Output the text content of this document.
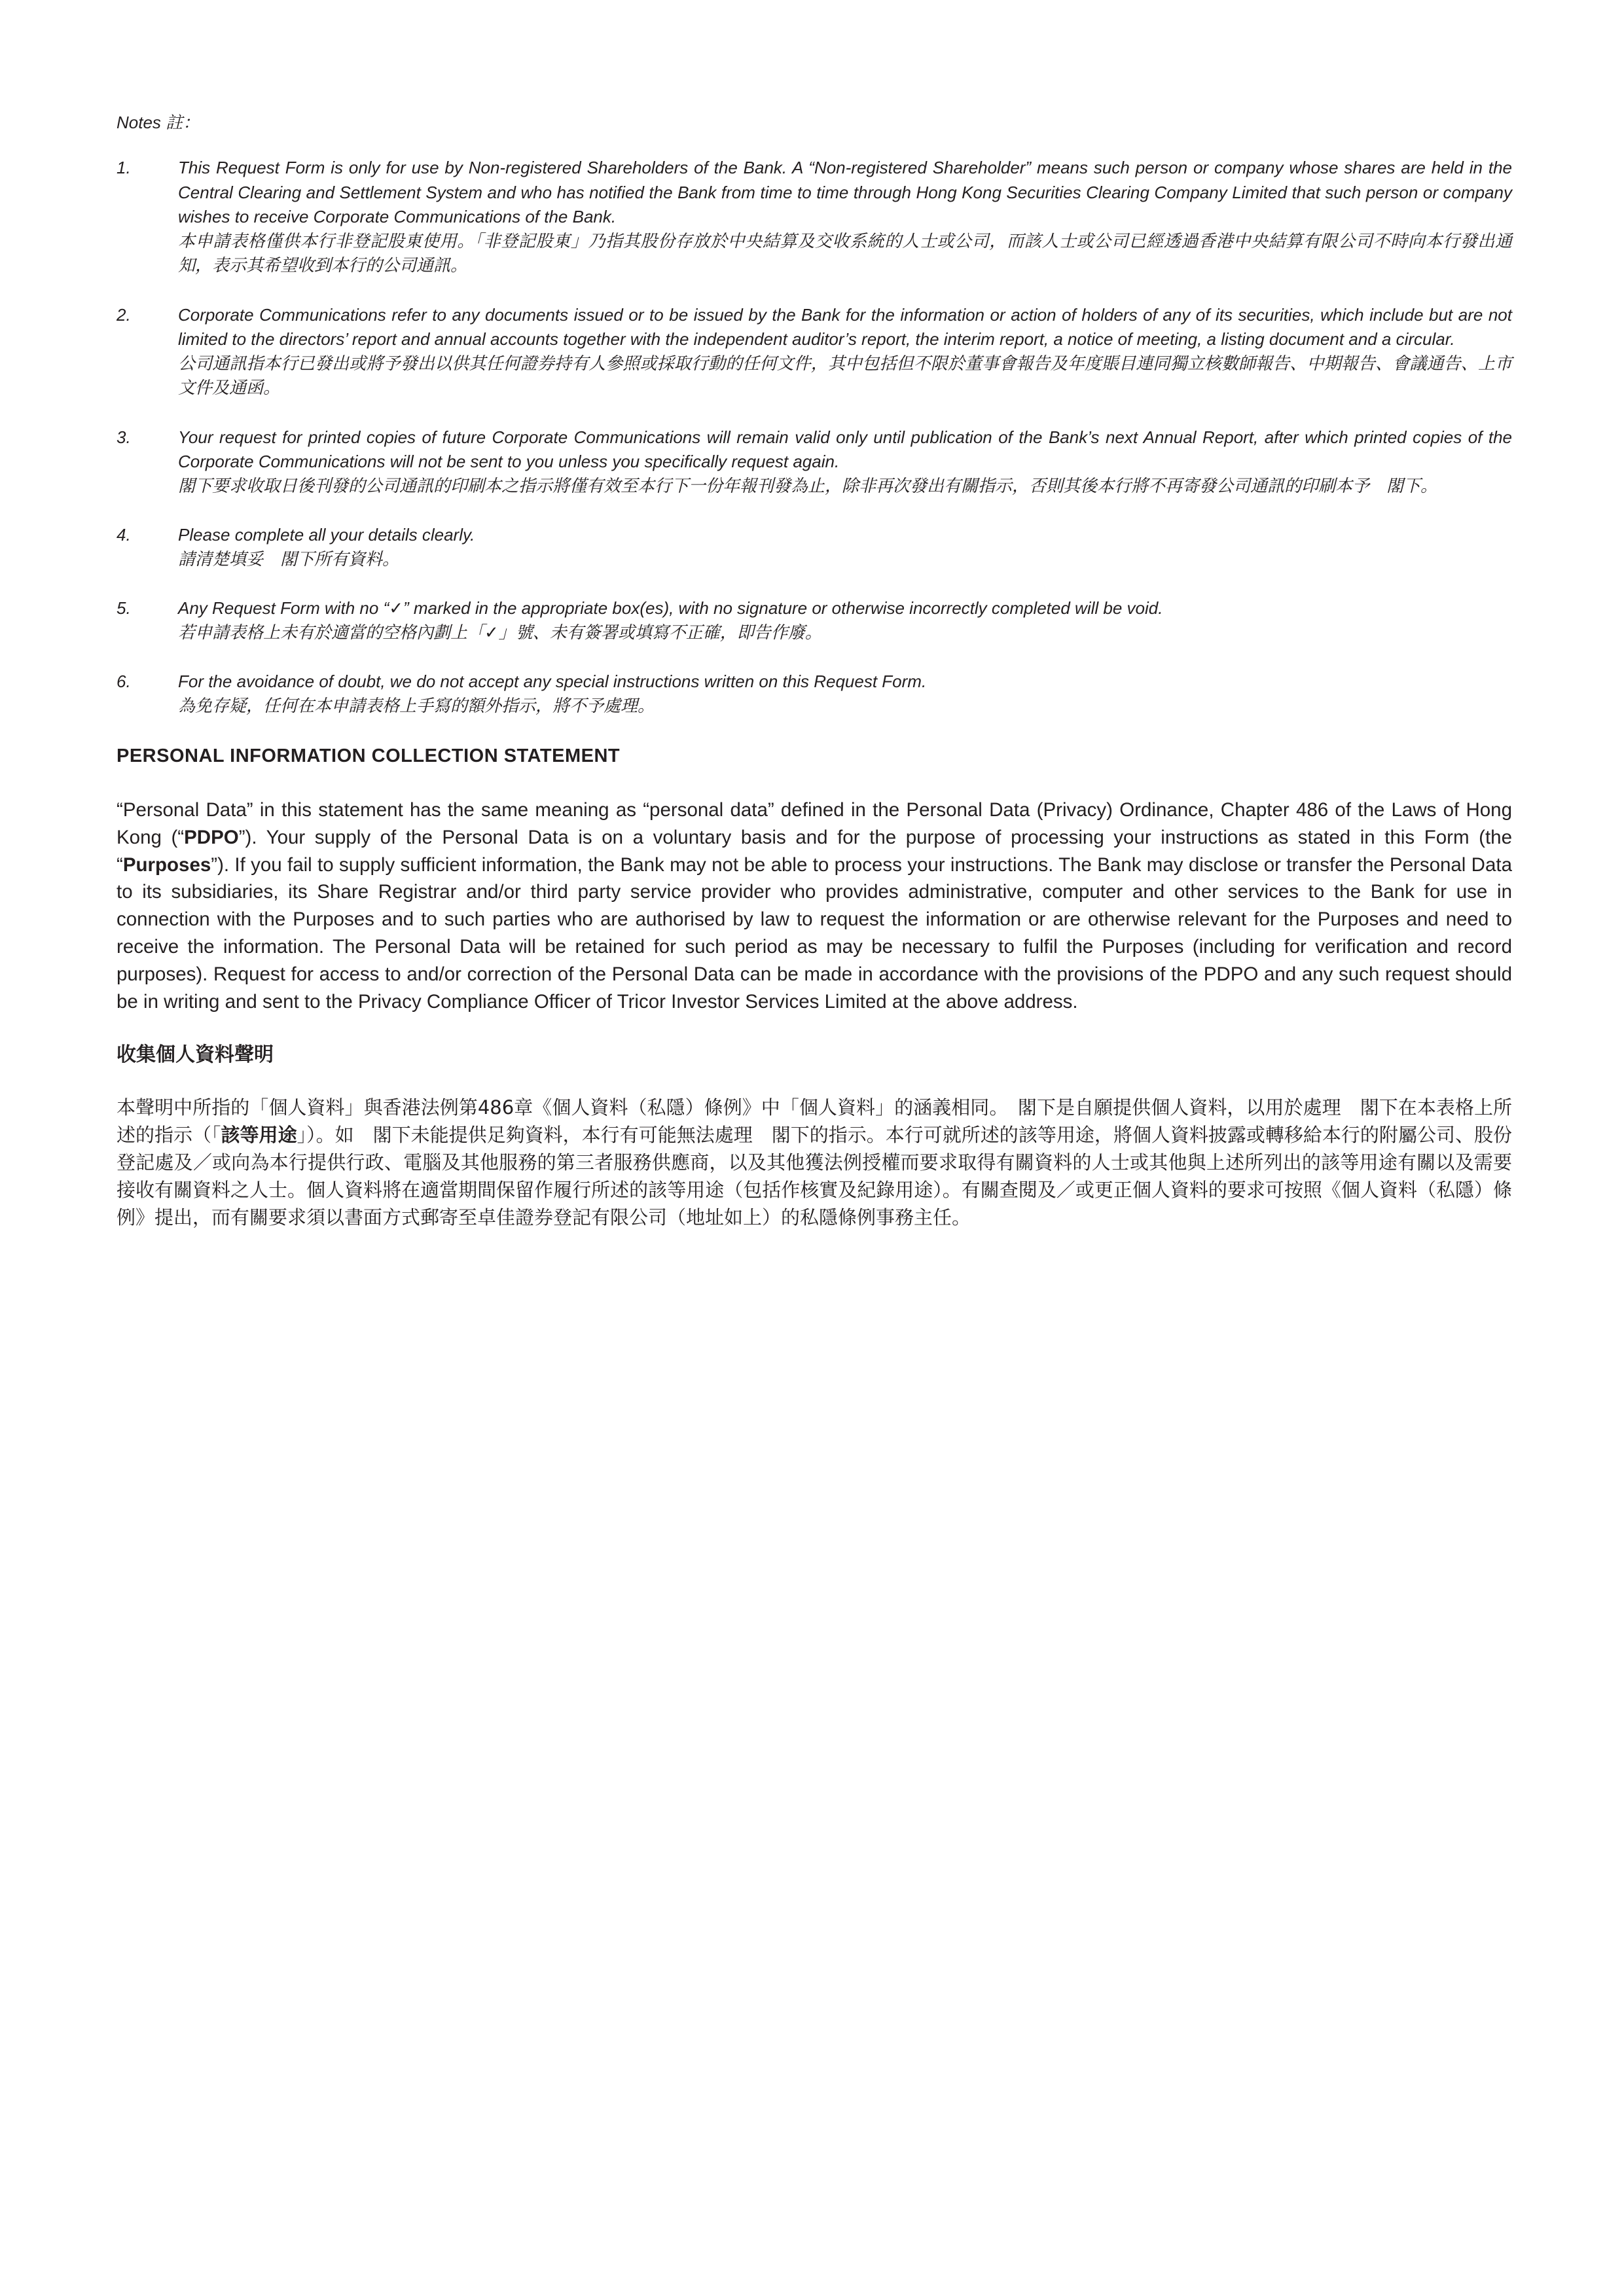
Notes 註：
1.	This Request Form is only for use by Non-registered Shareholders of the Bank. A “Non-registered Shareholder” means such person or company whose shares are held in the Central Clearing and Settlement System and who has notified the Bank from time to time through Hong Kong Securities Clearing Company Limited that such person or company wishes to receive Corporate Communications of the Bank.

本申請表格僅供本行非登記股東使用。「非登記股東」乃指其股份存放於中央結算及交收系統的人士或公司，而該人士或公司已經透過香港中央結算有限公司不時向本行發出通知，表示其希望收到本行的公司通訊。

2.	Corporate Communications refer to any documents issued or to be issued by the Bank for the information or action of holders of any of its securities, which include but are not limited to the directors’ report and annual accounts together with the independent auditor’s report, the interim report, a notice of meeting, a listing document and a circular.

公司通訊指本行已發出或將予發出以供其任何證券持有人參照或採取行動的任何文件，其中包括但不限於董事會報告及年度賬目連同獨立核數師報告、中期報告、會議通告、上市文件及通函。

3.	Your request for printed copies of future Corporate Communications will remain valid only until publication of the Bank’s next Annual Report, after which printed copies of the Corporate Communications will not be sent to you unless you specifically request again.

閣下要求收取日後刊發的公司通訊的印刷本之指示將僅有效至本行下一份年報刊發為止，除非再次發出有關指示，否則其後本行將不再寄發公司通訊的印刷本予　閣下。

4.	Please complete all your details clearly.

請清楚填妥　閣下所有資料。

5.	Any Request Form with no “✓” marked in the appropriate box(es), with no signature or otherwise incorrectly completed will be void.

若申請表格上未有於適當的空格內劃上「✓」號、未有簽署或填寫不正確，即告作廢。

6.	For the avoidance of doubt, we do not accept any special instructions written on this Request Form.

為免存疑，任何在本申請表格上手寫的額外指示，將不予處理。

PERSONAL INFORMATION COLLECTION STATEMENT

“Personal Data” in this statement has the same meaning as “personal data” defined in the Personal Data (Privacy) Ordinance, Chapter 486 of the Laws of Hong Kong (“PDPO”). Your supply of the Personal Data is on a voluntary basis and for the purpose of processing your instructions as stated in this Form (the “Purposes”). If you fail to supply sufficient information, the Bank may not be able to process your instructions. The Bank may disclose or transfer the Personal Data to its subsidiaries, its Share Registrar and/or third party service provider who provides administrative, computer and other services to the Bank for use in connection with the Purposes and to such parties who are authorised by law to request the information or are otherwise relevant for the Purposes and need to receive the information. The Personal Data will be retained for such period as may be necessary to fulfil the Purposes (including for verification and record purposes). Request for access to and/or correction of the Personal Data can be made in accordance with the provisions of the PDPO and any such request should be in writing and sent to the Privacy Compliance Officer of Tricor Investor Services Limited at the above address.

收集個人資料聲明

本聲明中所指的「個人資料」與香港法例第486章《個人資料（私隱）條例》中「個人資料」的涵義相同。　閣下是自願提供個人資料，以用於處理　閣下在本表格上所述的指示（「該等用途」）。如　閣下未能提供足夠資料，本行有可能無法處理　閣下的指示。本行可就所述的該等用途，將個人資料披露或轉移給本行的附屬公司、股份登記處及／或向為本行提供行政、電腦及其他服務的第三者服務供應商，以及其他獲法例授權而要求取得有關資料的人士或其他與上述所列出的該等用途有關以及需要接收有關資料之人士。個人資料將在適當期間保留作履行所述的該等用途（包括作核實及紀錄用途）。有關查閱及／或更正個人資料的要求可按照《個人資料（私隱）條例》提出，而有關要求須以書面方式郵寄至卓佳證券登記有限公司（地址如上）的私隱條例事務主任。
